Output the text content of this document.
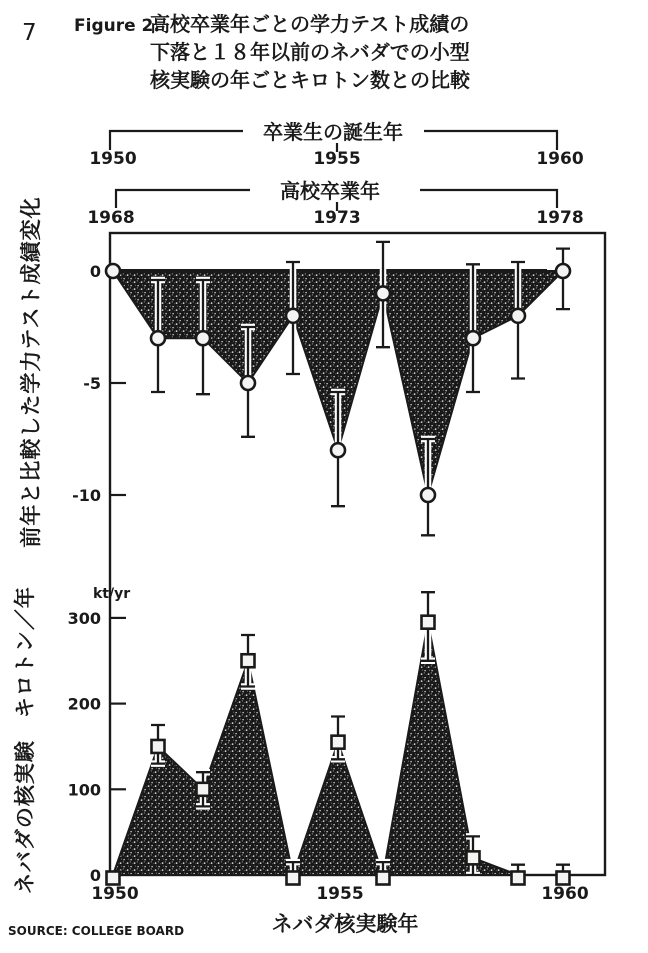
7 Figure 2.
高校卒業年ごとの学力テスト成績の
下落と１８年以前のネバダでの小型
核実験の年ごとキロトン数との比較
卒業生の誕生年
1950	1955	1960
高校卒業年
1968	1973	1978
前年と比較した学力テスト成績変化
ネバダの核実験　キロトン／年	kt/yr
0
-5
-10
300
200
100
0
1950	1955	1960
ネバダ核実験年
SOURCE: COLLEGE BOARD
